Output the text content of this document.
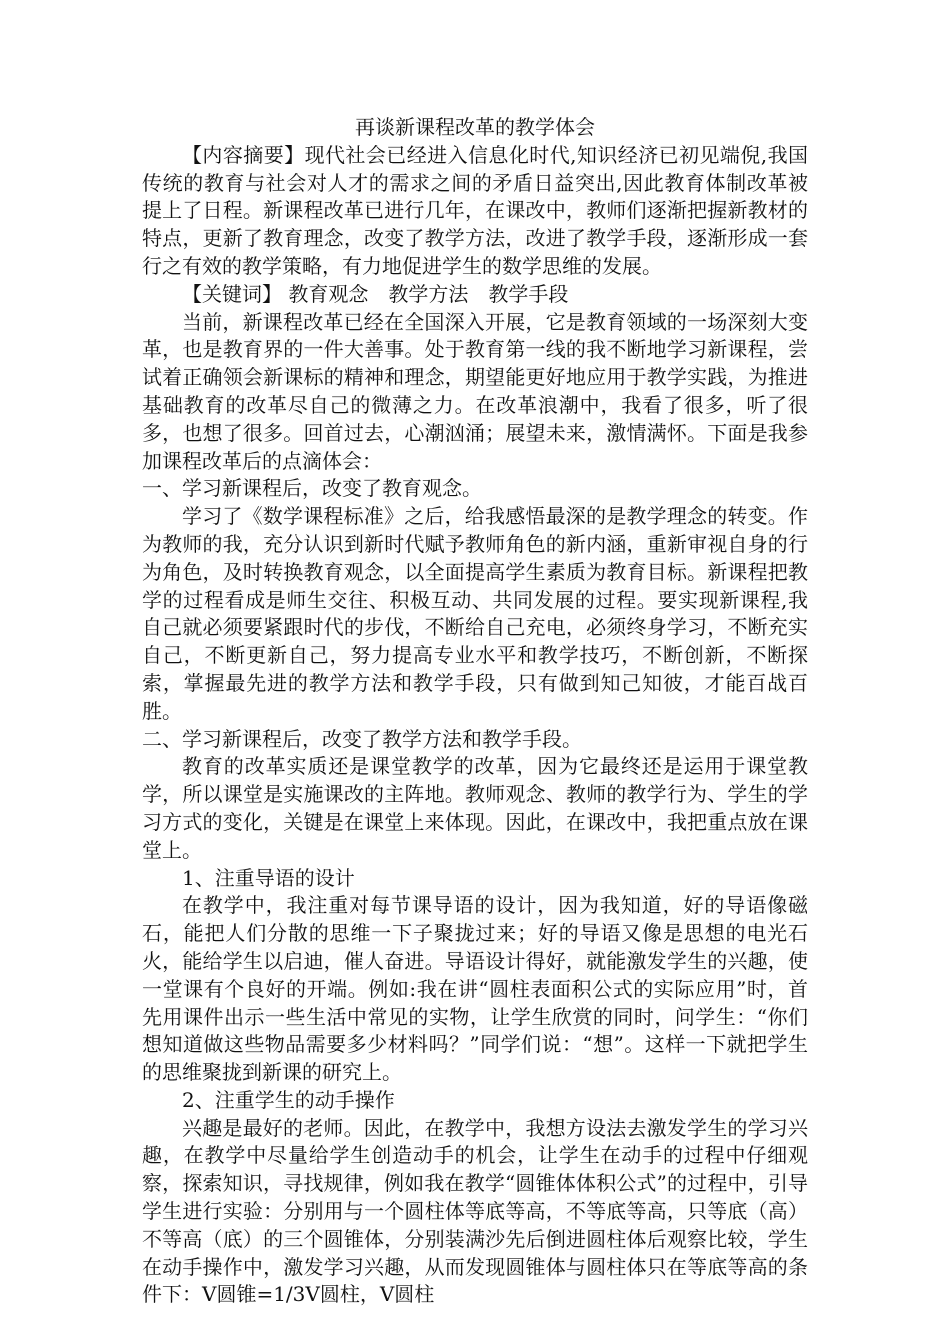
再谈新课程改革的教学体会

【内容摘要】现代社会已经进入信息化时代,知识经济已初见端倪,我国传统的教育与社会对人才的需求之间的矛盾日益突出,因此教育体制改革被提上了日程。新课程改革已进行几年，在课改中，教师们逐渐把握新教材的特点，更新了教育理念，改变了教学方法，改进了教学手段，逐渐形成一套行之有效的教学策略，有力地促进学生的数学思维的发展。

【关键词】 教育观念 教学方法 教学手段

当前，新课程改革已经在全国深入开展，它是教育领域的一场深刻大变革，也是教育界的一件大善事。处于教育第一线的我不断地学习新课程，尝试着正确领会新课标的精神和理念，期望能更好地应用于教学实践，为推进基础教育的改革尽自己的微薄之力。在改革浪潮中，我看了很多，听了很多，也想了很多。回首过去，心潮汹涌；展望未来，激情满怀。下面是我参加课程改革后的点滴体会：

一、学习新课程后，改变了教育观念。

学习了《数学课程标准》之后，给我感悟最深的是教学理念的转变。作为教师的我，充分认识到新时代赋予教师角色的新内涵，重新审视自身的行为角色，及时转换教育观念，以全面提高学生素质为教育目标。新课程把教学的过程看成是师生交往、积极互动、共同发展的过程。要实现新课程,我自己就必须要紧跟时代的步伐，不断给自己充电，必须终身学习，不断充实自己，不断更新自己，努力提高专业水平和教学技巧，不断创新，不断探索，掌握最先进的教学方法和教学手段，只有做到知己知彼，才能百战百胜。

二、学习新课程后，改变了教学方法和教学手段。

教育的改革实质还是课堂教学的改革，因为它最终还是运用于课堂教学，所以课堂是实施课改的主阵地。教师观念、教师的教学行为、学生的学习方式的变化，关键是在课堂上来体现。因此，在课改中，我把重点放在课堂上。

1、注重导语的设计

在教学中，我注重对每节课导语的设计，因为我知道，好的导语像磁石，能把人们分散的思维一下子聚拢过来；好的导语又像是思想的电光石火，能给学生以启迪，催人奋进。导语设计得好，就能激发学生的兴趣，使一堂课有个良好的开端。例如:我在讲“圆柱表面积公式的实际应用”时，首先用课件出示一些生活中常见的实物，让学生欣赏的同时，问学生：“你们想知道做这些物品需要多少材料吗？”同学们说：“想”。这样一下就把学生的思维聚拢到新课的研究上。

2、注重学生的动手操作

兴趣是最好的老师。因此，在教学中，我想方设法去激发学生的学习兴趣，在教学中尽量给学生创造动手的机会，让学生在动手的过程中仔细观察，探索知识，寻找规律，例如我在教学“圆锥体体积公式”的过程中，引导学生进行实验：分别用与一个圆柱体等底等高，不等底等高，只等底（高）不等高（底）的三个圆锥体，分别装满沙先后倒进圆柱体后观察比较，学生在动手操作中，激发学习兴趣，从而发现圆锥体与圆柱体只在等底等高的条件下：V圆锥=1/3V圆柱，V圆柱
